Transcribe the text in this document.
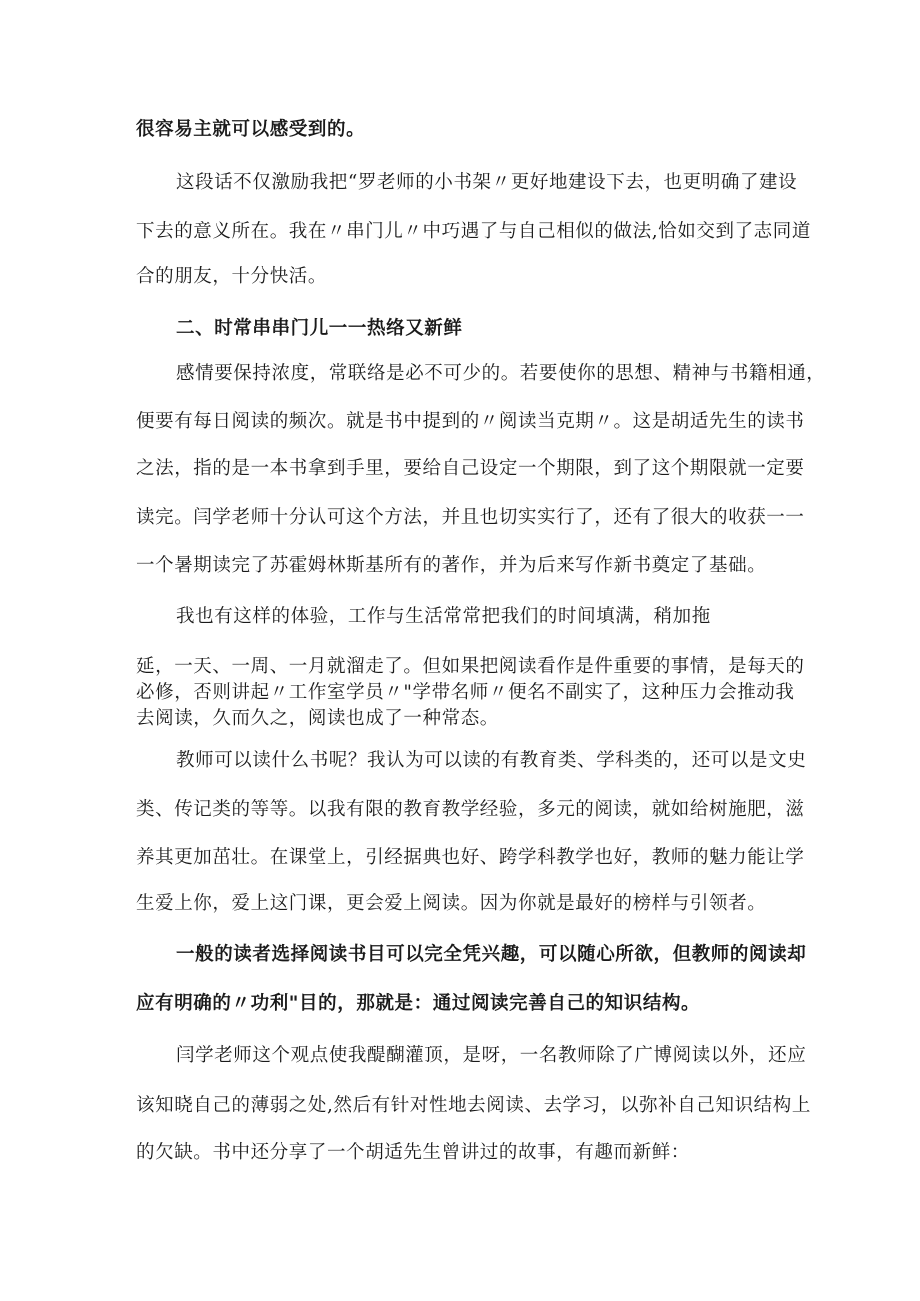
很容易主就可以感受到的。
这段话不仅激励我把“罗老师的小书架〃更好地建设下去，也更明确了建设
下去的意义所在。我在〃串门儿〃中巧遇了与自己相似的做法,恰如交到了志同道
合的朋友，十分快活。
二、时常串串门儿一一热络又新鲜
感情要保持浓度，常联络是必不可少的。若要使你的思想、精神与书籍相通，
便要有每日阅读的频次。就是书中提到的〃阅读当克期〃。这是胡适先生的读书
之法，指的是一本书拿到手里，要给自己设定一个期限，到了这个期限就一定要
读完。闫学老师十分认可这个方法，并且也切实实行了，还有了很大的收获一一
一个暑期读完了苏霍姆林斯基所有的著作，并为后来写作新书奠定了基础。
我也有这样的体验，工作与生活常常把我们的时间填满，稍加拖
延，一天、一周、一月就溜走了。但如果把阅读看作是件重要的事情，是每天的
必修，否则讲起〃工作室学员〃"学带名师〃便名不副实了，这种压力会推动我
去阅读，久而久之，阅读也成了一种常态。
教师可以读什么书呢？我认为可以读的有教育类、学科类的，还可以是文史
类、传记类的等等。以我有限的教育教学经验，多元的阅读，就如给树施肥，滋
养其更加茁壮。在课堂上，引经据典也好、跨学科教学也好，教师的魅力能让学
生爱上你，爱上这门课，更会爱上阅读。因为你就是最好的榜样与引领者。
一般的读者选择阅读书目可以完全凭兴趣，可以随心所欲，但教师的阅读却
应有明确的〃功利"目的，那就是：通过阅读完善自己的知识结构。
闫学老师这个观点使我醍醐灌顶，是呀，一名教师除了广博阅读以外，还应
该知晓自己的薄弱之处,然后有针对性地去阅读、去学习，以弥补自己知识结构上
的欠缺。书中还分享了一个胡适先生曾讲过的故事，有趣而新鲜：
